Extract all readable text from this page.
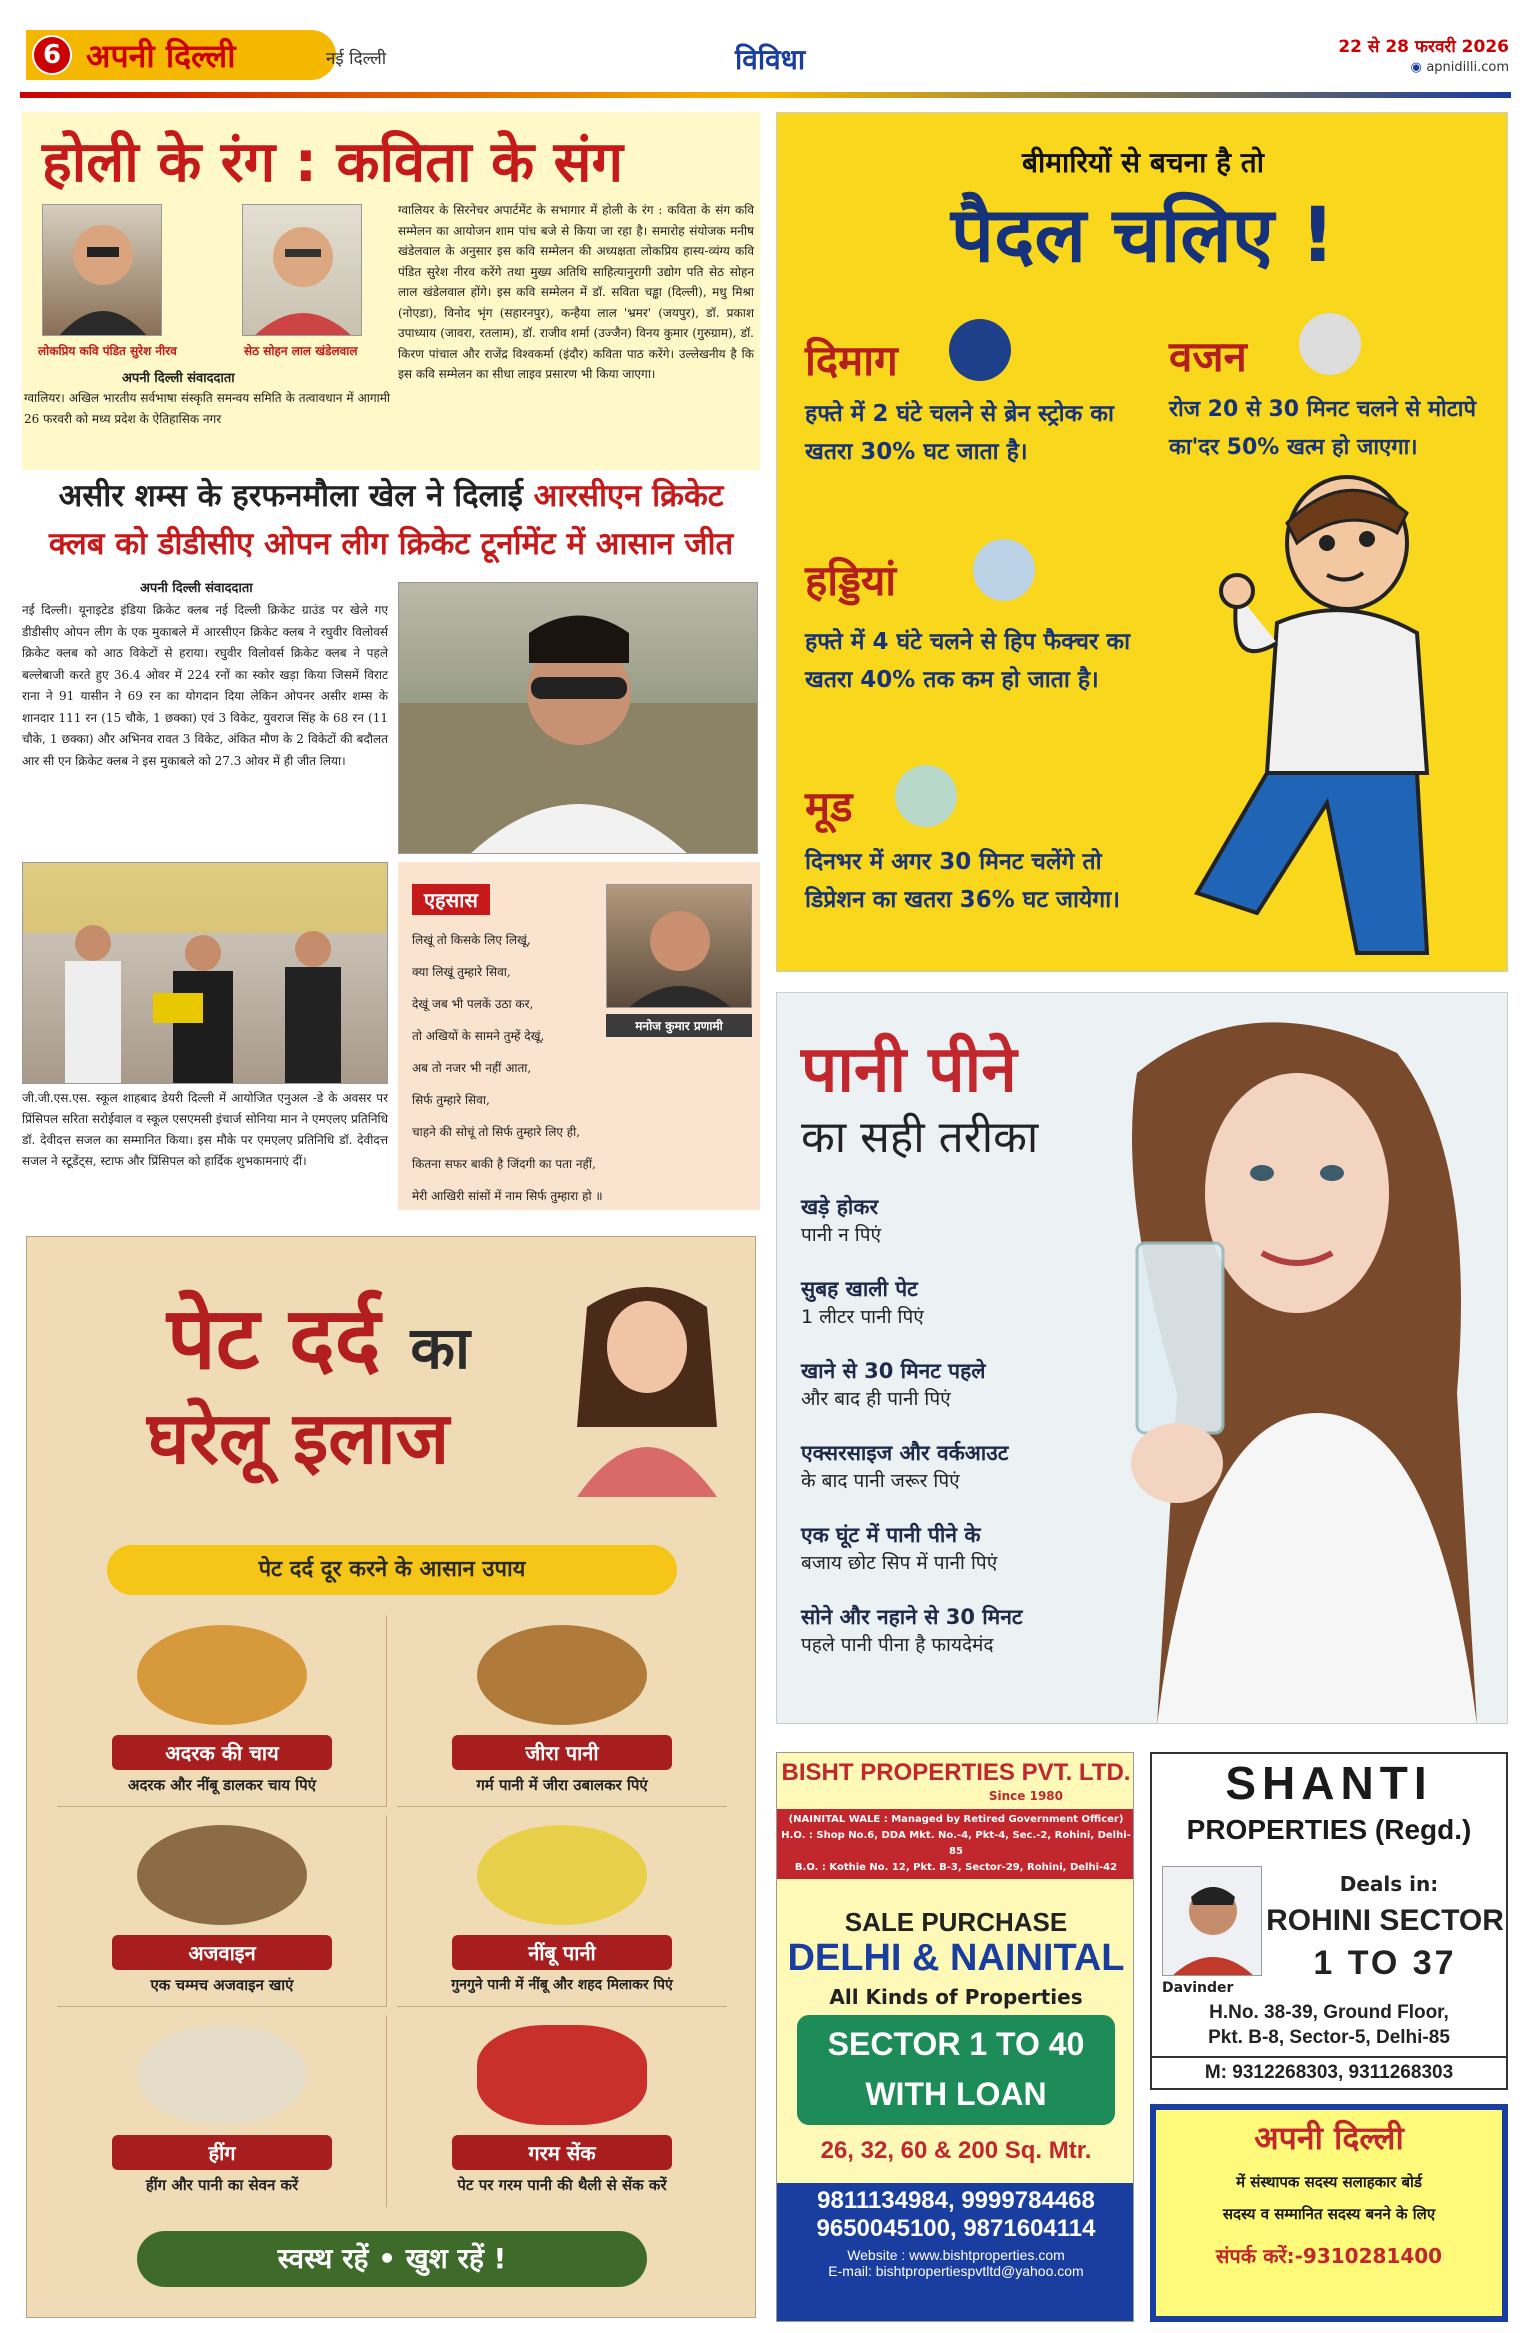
6 अपनी दिल्ली	नई दिल्ली	विविधा	22 से 28 फरवरी 2026
◉ apnidilli.com
होली के रंग : कविता के संग
लोकप्रिय कवि पंडित सुरेश नीरव	सेठ सोहन लाल खंडेलवाल
अपनी दिल्ली संवाददाता
ग्वालियर। अखिल भारतीय सर्वभाषा संस्कृति समन्वय समिति के तत्वावधान में आगामी 26 फरवरी को मध्य प्रदेश के ऐतिहासिक नगर
ग्वालियर के सिरनेचर अपार्टमेंट के सभागार में होली के रंग : कविता के संग कवि सम्मेलन का आयोजन शाम पांच बजे से किया जा रहा है। समारोह संयोजक मनीष खंडेलवाल के अनुसार इस कवि सम्मेलन की अध्यक्षता लोकप्रिय हास्य-व्यंग्य कवि पंडित सुरेश नीरव करेंगे तथा मुख्य अतिथि साहित्यानुरागी उद्योग पति सेठ सोहन लाल खंडेलवाल होंगे। इस कवि सम्मेलन में डॉ. सविता चड्ढा (दिल्ली), मधु मिश्रा (नोएडा), विनोद भृंग (सहारनपुर), कन्हैया लाल 'भ्रमर' (जयपुर), डॉ. प्रकाश उपाध्याय (जावरा, रतलाम), डॉ. राजीव शर्मा (उज्जैन) विनय कुमार (गुरुग्राम), डॉ. किरण पांचाल और राजेंद्र विश्वकर्मा (इंदौर) कविता पाठ करेंगे। उल्लेखनीय है कि इस कवि सम्मेलन का सीधा लाइव प्रसारण भी किया जाएगा।
असीर शम्स के हरफनमौला खेल ने दिलाई आरसीएन क्रिकेट
क्लब को डीडीसीए ओपन लीग क्रिकेट टूर्नामेंट में आसान जीत
अपनी दिल्ली संवाददाता
नई दिल्ली। यूनाइटेड इंडिया क्रिकेट क्लब नई दिल्ली क्रिकेट ग्राउंड पर खेले गए डीडीसीए ओपन लीग के एक मुकाबले में आरसीएन क्रिकेट क्लब ने रघुवीर विलोवर्स क्रिकेट क्लब को आठ विकेटों से हराया। रघुवीर विलोवर्स क्रिकेट क्लब ने पहले बल्लेबाजी करते हुए 36.4 ओवर में 224 रनों का स्कोर खड़ा किया जिसमें विराट राना ने 91 यासीन ने 69 रन का योगदान दिया लेकिन ओपनर असीर शम्स के शानदार 111 रन (15 चौके, 1 छक्का) एवं 3 विकेट, युवराज सिंह के 68 रन (11 चौके, 1 छक्का) और अभिनव रावत 3 विकेट, अंकित मौण के 2 विकेटों की बदौलत आर सी एन क्रिकेट क्लब ने इस मुकाबले को 27.3 ओवर में ही जीत लिया।
जी.जी.एस.एस. स्कूल शाहबाद डेयरी दिल्ली में आयोजित एनुअल -डे के अवसर पर प्रिंसिपल सरिता सरोईवाल व स्कूल एसएमसी इंचार्ज सोनिया मान ने एमएलए प्रतिनिधि डॉ. देवीदत्त सजल का सम्मानित किया। इस मौके पर एमएलए प्रतिनिधि डॉ. देवीदत्त सजल ने स्टूडेंट्स, स्टाफ और प्रिंसिपल को हार्दिक शुभकामनाएं दीं।
एहसास
लिखूं तो किसके लिए लिखूं,
क्या लिखूं तुम्हारे सिवा,
देखूं जब भी पलकें उठा कर,
तो अखियों के सामने तुम्हें देखूं,
अब तो नजर भी नहीं आता,
सिर्फ तुम्हारे सिवा,
चाहने की सोचूं तो सिर्फ तुम्हारे लिए ही,
कितना सफर बाकी है जिंदगी का पता नहीं,
मेरी आखिरी सांसों में नाम सिर्फ तुम्हारा हो ॥
मनोज कुमार प्रणामी
बीमारियों से बचना है तो
पैदल चलिए !
दिमाग
हफ्ते में 2 घंटे चलने से ब्रेन स्ट्रोक का खतरा 30% घट जाता है।
वजन
रोज 20 से 30 मिनट चलने से मोटापे का'दर 50% खत्म हो जाएगा।
हड्डियां
हफ्ते में 4 घंटे चलने से हिप फैक्चर का खतरा 40% तक कम हो जाता है।
मूड
दिनभर में अगर 30 मिनट चलेंगे तो डिप्रेशन का खतरा 36% घट जायेगा।
पानी पीने
का सही तरीका
खड़े होकर
पानी न पिएं
सुबह खाली पेट
1 लीटर पानी पिएं
खाने से 30 मिनट पहले
और बाद ही पानी पिएं
एक्सरसाइज और वर्कआउट
के बाद पानी जरूर पिएं
एक घूंट में पानी पीने के
बजाय छोट सिप में पानी पिएं
सोने और नहाने से 30 मिनट
पहले पानी पीना है फायदेमंद
पेट दर्द का
घरेलू इलाज
पेट दर्द दूर करने के आसान उपाय
अदरक की चाय
अदरक और नींबू डालकर चाय पिएं
जीरा पानी
गर्म पानी में जीरा उबालकर पिएं
अजवाइन
एक चम्मच अजवाइन खाएं
नींबू पानी
गुनगुने पानी में नींबू और शहद मिलाकर पिएं
हींग
हींग और पानी का सेवन करें
गरम सेंक
पेट पर गरम पानी की थैली से सेंक करें
स्वस्थ रहें • खुश रहें !
BISHT PROPERTIES PVT. LTD.
Since 1980
(NAINITAL WALE : Managed by Retired Government Officer)
H.O. : Shop No.6, DDA Mkt. No.-4, Pkt-4, Sec.-2, Rohini, Delhi-85
B.O. : Kothie No. 12, Pkt. B-3, Sector-29, Rohini, Delhi-42
SALE PURCHASE
DELHI & NAINITAL
All Kinds of Properties
SECTOR 1 TO 40
WITH LOAN
26, 32, 60 & 200 Sq. Mtr.
9811134984, 9999784468
9650045100, 9871604114
Website : www.bishtproperties.com
E-mail: bishtpropertiespvtltd@yahoo.com
SHANTI
PROPERTIES (Regd.)
Davinder
Deals in:
ROHINI SECTOR
1 TO 37
H.No. 38-39, Ground Floor,
Pkt. B-8, Sector-5, Delhi-85
M: 9312268303, 9311268303
अपनी दिल्ली
में संस्थापक सदस्य सलाहकार बोर्ड
सदस्य व सम्मानित सदस्य बनने के लिए
संपर्क करें:-9310281400
